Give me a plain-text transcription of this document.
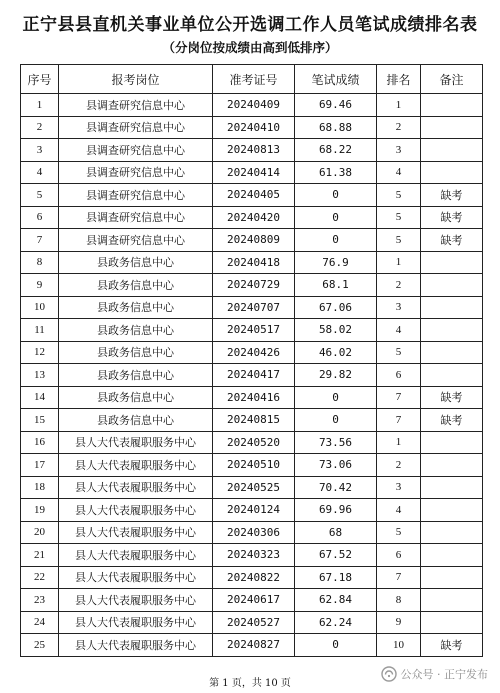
正宁县县直机关事业单位公开选调工作人员笔试成绩排名表
（分岗位按成绩由高到低排序）
序号	报考岗位	准考证号	笔试成绩	排名	备注
1	县调查研究信息中心	20240409	69.46	1	
2	县调查研究信息中心	20240410	68.88	2	
3	县调查研究信息中心	20240813	68.22	3	
4	县调查研究信息中心	20240414	61.38	4	
5	县调查研究信息中心	20240405	0	5	缺考
6	县调查研究信息中心	20240420	0	5	缺考
7	县调查研究信息中心	20240809	0	5	缺考
8	县政务信息中心	20240418	76.9	1	
9	县政务信息中心	20240729	68.1	2	
10	县政务信息中心	20240707	67.06	3	
11	县政务信息中心	20240517	58.02	4	
12	县政务信息中心	20240426	46.02	5	
13	县政务信息中心	20240417	29.82	6	
14	县政务信息中心	20240416	0	7	缺考
15	县政务信息中心	20240815	0	7	缺考
16	县人大代表履职服务中心	20240520	73.56	1	
17	县人大代表履职服务中心	20240510	73.06	2	
18	县人大代表履职服务中心	20240525	70.42	3	
19	县人大代表履职服务中心	20240124	69.96	4	
20	县人大代表履职服务中心	20240306	68	5	
21	县人大代表履职服务中心	20240323	67.52	6	
22	县人大代表履职服务中心	20240822	67.18	7	
23	县人大代表履职服务中心	20240617	62.84	8	
24	县人大代表履职服务中心	20240527	62.24	9	
25	县人大代表履职服务中心	20240827	0	10	缺考
第 1 页，共 10 页
公众号 · 正宁发布
